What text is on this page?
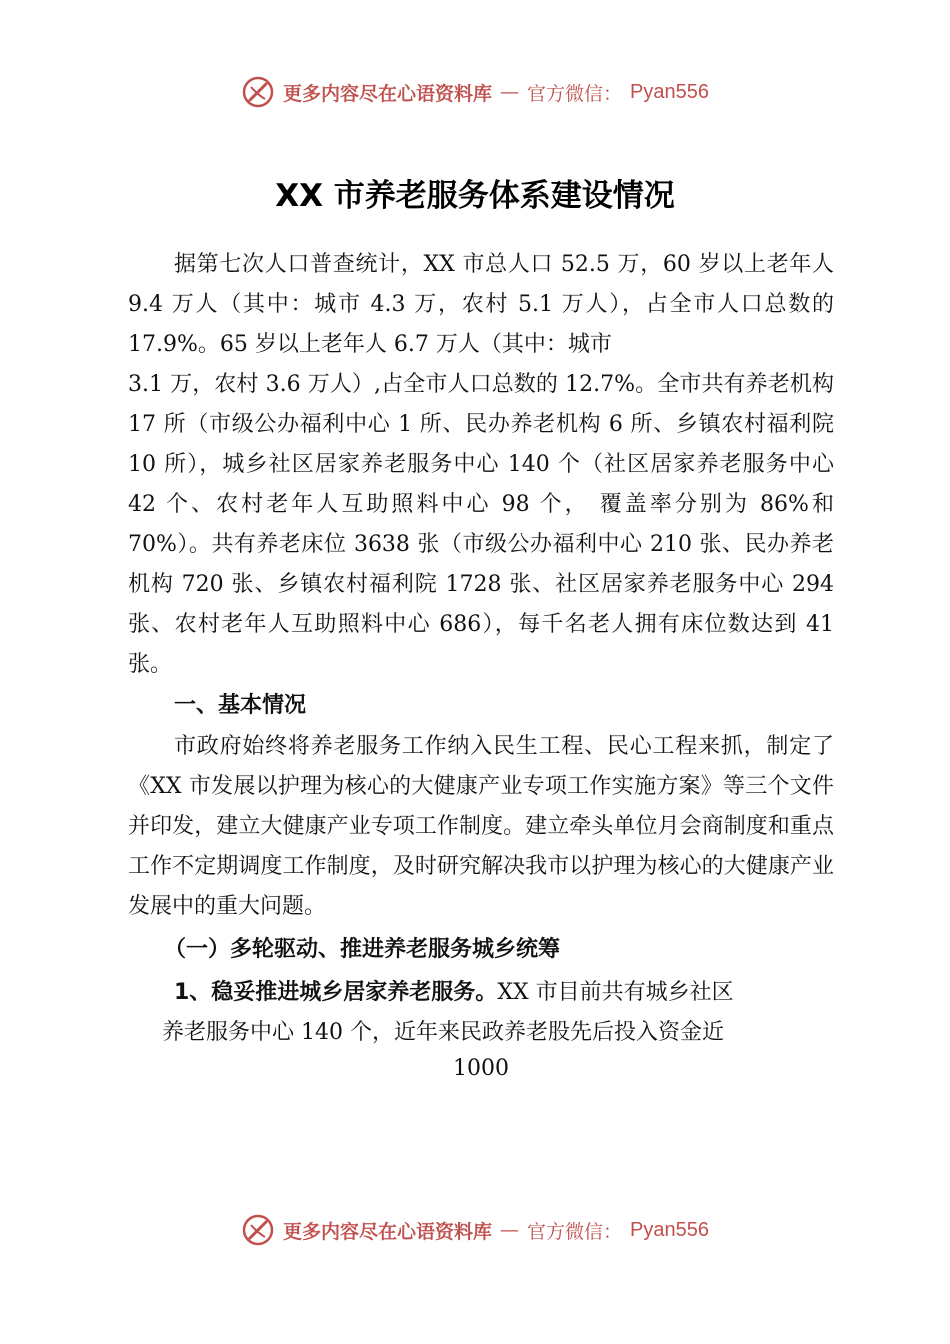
更多内容尽在心语资料库 — 官方微信： Pyan556
XX 市养老服务体系建设情况

据第七次人口普查统计，XX 市总人口 52.5 万，60 岁以上老年人 9.4 万人（其中：城市 4.3 万，农村 5.1 万人），占全市人口总数的 17.9%。65 岁以上老年人 6.7 万人（其中：城市

3.1 万，农村 3.6 万人）,占全市人口总数的 12.7%。全市共有养老机构 17 所（市级公办福利中心 1 所、民办养老机构 6 所、乡镇农村福利院 10 所），城乡社区居家养老服务中心 140 个（社区居家养老服务中心 42 个、农村老年人互助照料中心 98 个， 覆盖率分别为 86%和 70%）。共有养老床位 3638 张（市级公办福利中心 210 张、民办养老机构 720 张、乡镇农村福利院 1728 张、社区居家养老服务中心 294 张、农村老年人互助照料中心 686），每千名老人拥有床位数达到 41 张。

一、基本情况

市政府始终将养老服务工作纳入民生工程、民心工程来抓，制定了《XX 市发展以护理为核心的大健康产业专项工作实施方案》等三个文件并印发，建立大健康产业专项工作制度。建立牵头单位月会商制度和重点工作不定期调度工作制度，及时研究解决我市以护理为核心的大健康产业发展中的重大问题。

（一）多轮驱动、推进养老服务城乡统筹
1、稳妥推进城乡居家养老服务。XX 市目前共有城乡社区
养老服务中心 140 个，近年来民政养老股先后投入资金近
1000
更多内容尽在心语资料库 — 官方微信： Pyan556
